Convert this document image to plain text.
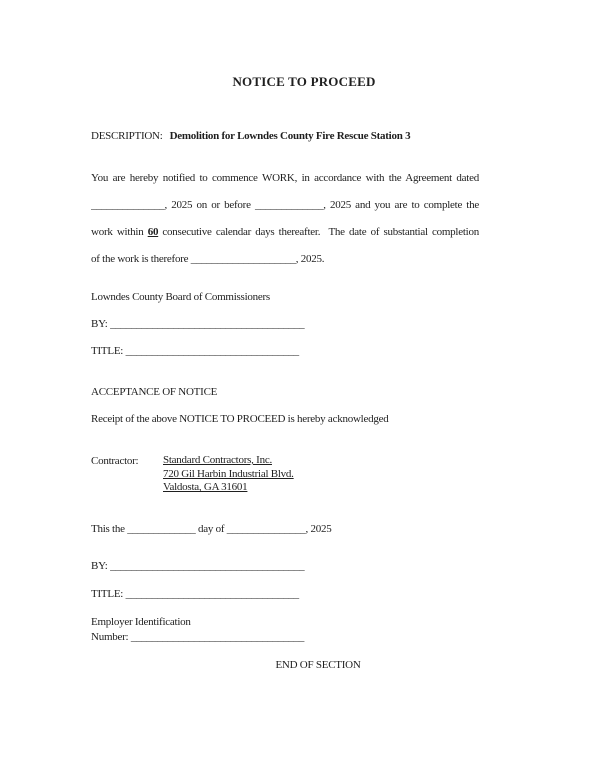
NOTICE TO PROCEED
DESCRIPTION: Demolition for Lowndes County Fire Rescue Station 3
You are hereby notified to commence WORK, in accordance with the Agreement dated
______________, 2025 on or before _____________, 2025 and you are to complete the
work within 60 consecutive calendar days thereafter.  The date of substantial completion
of the work is therefore ____________________, 2025.
Lowndes County Board of Commissioners
BY: _____________________________________
TITLE: _________________________________
ACCEPTANCE OF NOTICE
Receipt of the above NOTICE TO PROCEED is hereby acknowledged
Contractor:	Standard Contractors, Inc.
720 Gil Harbin Industrial Blvd.
Valdosta, GA 31601
This the _____________ day of _______________, 2025
BY: _____________________________________
TITLE: _________________________________
Employer Identification
Number: _________________________________
END OF SECTION
